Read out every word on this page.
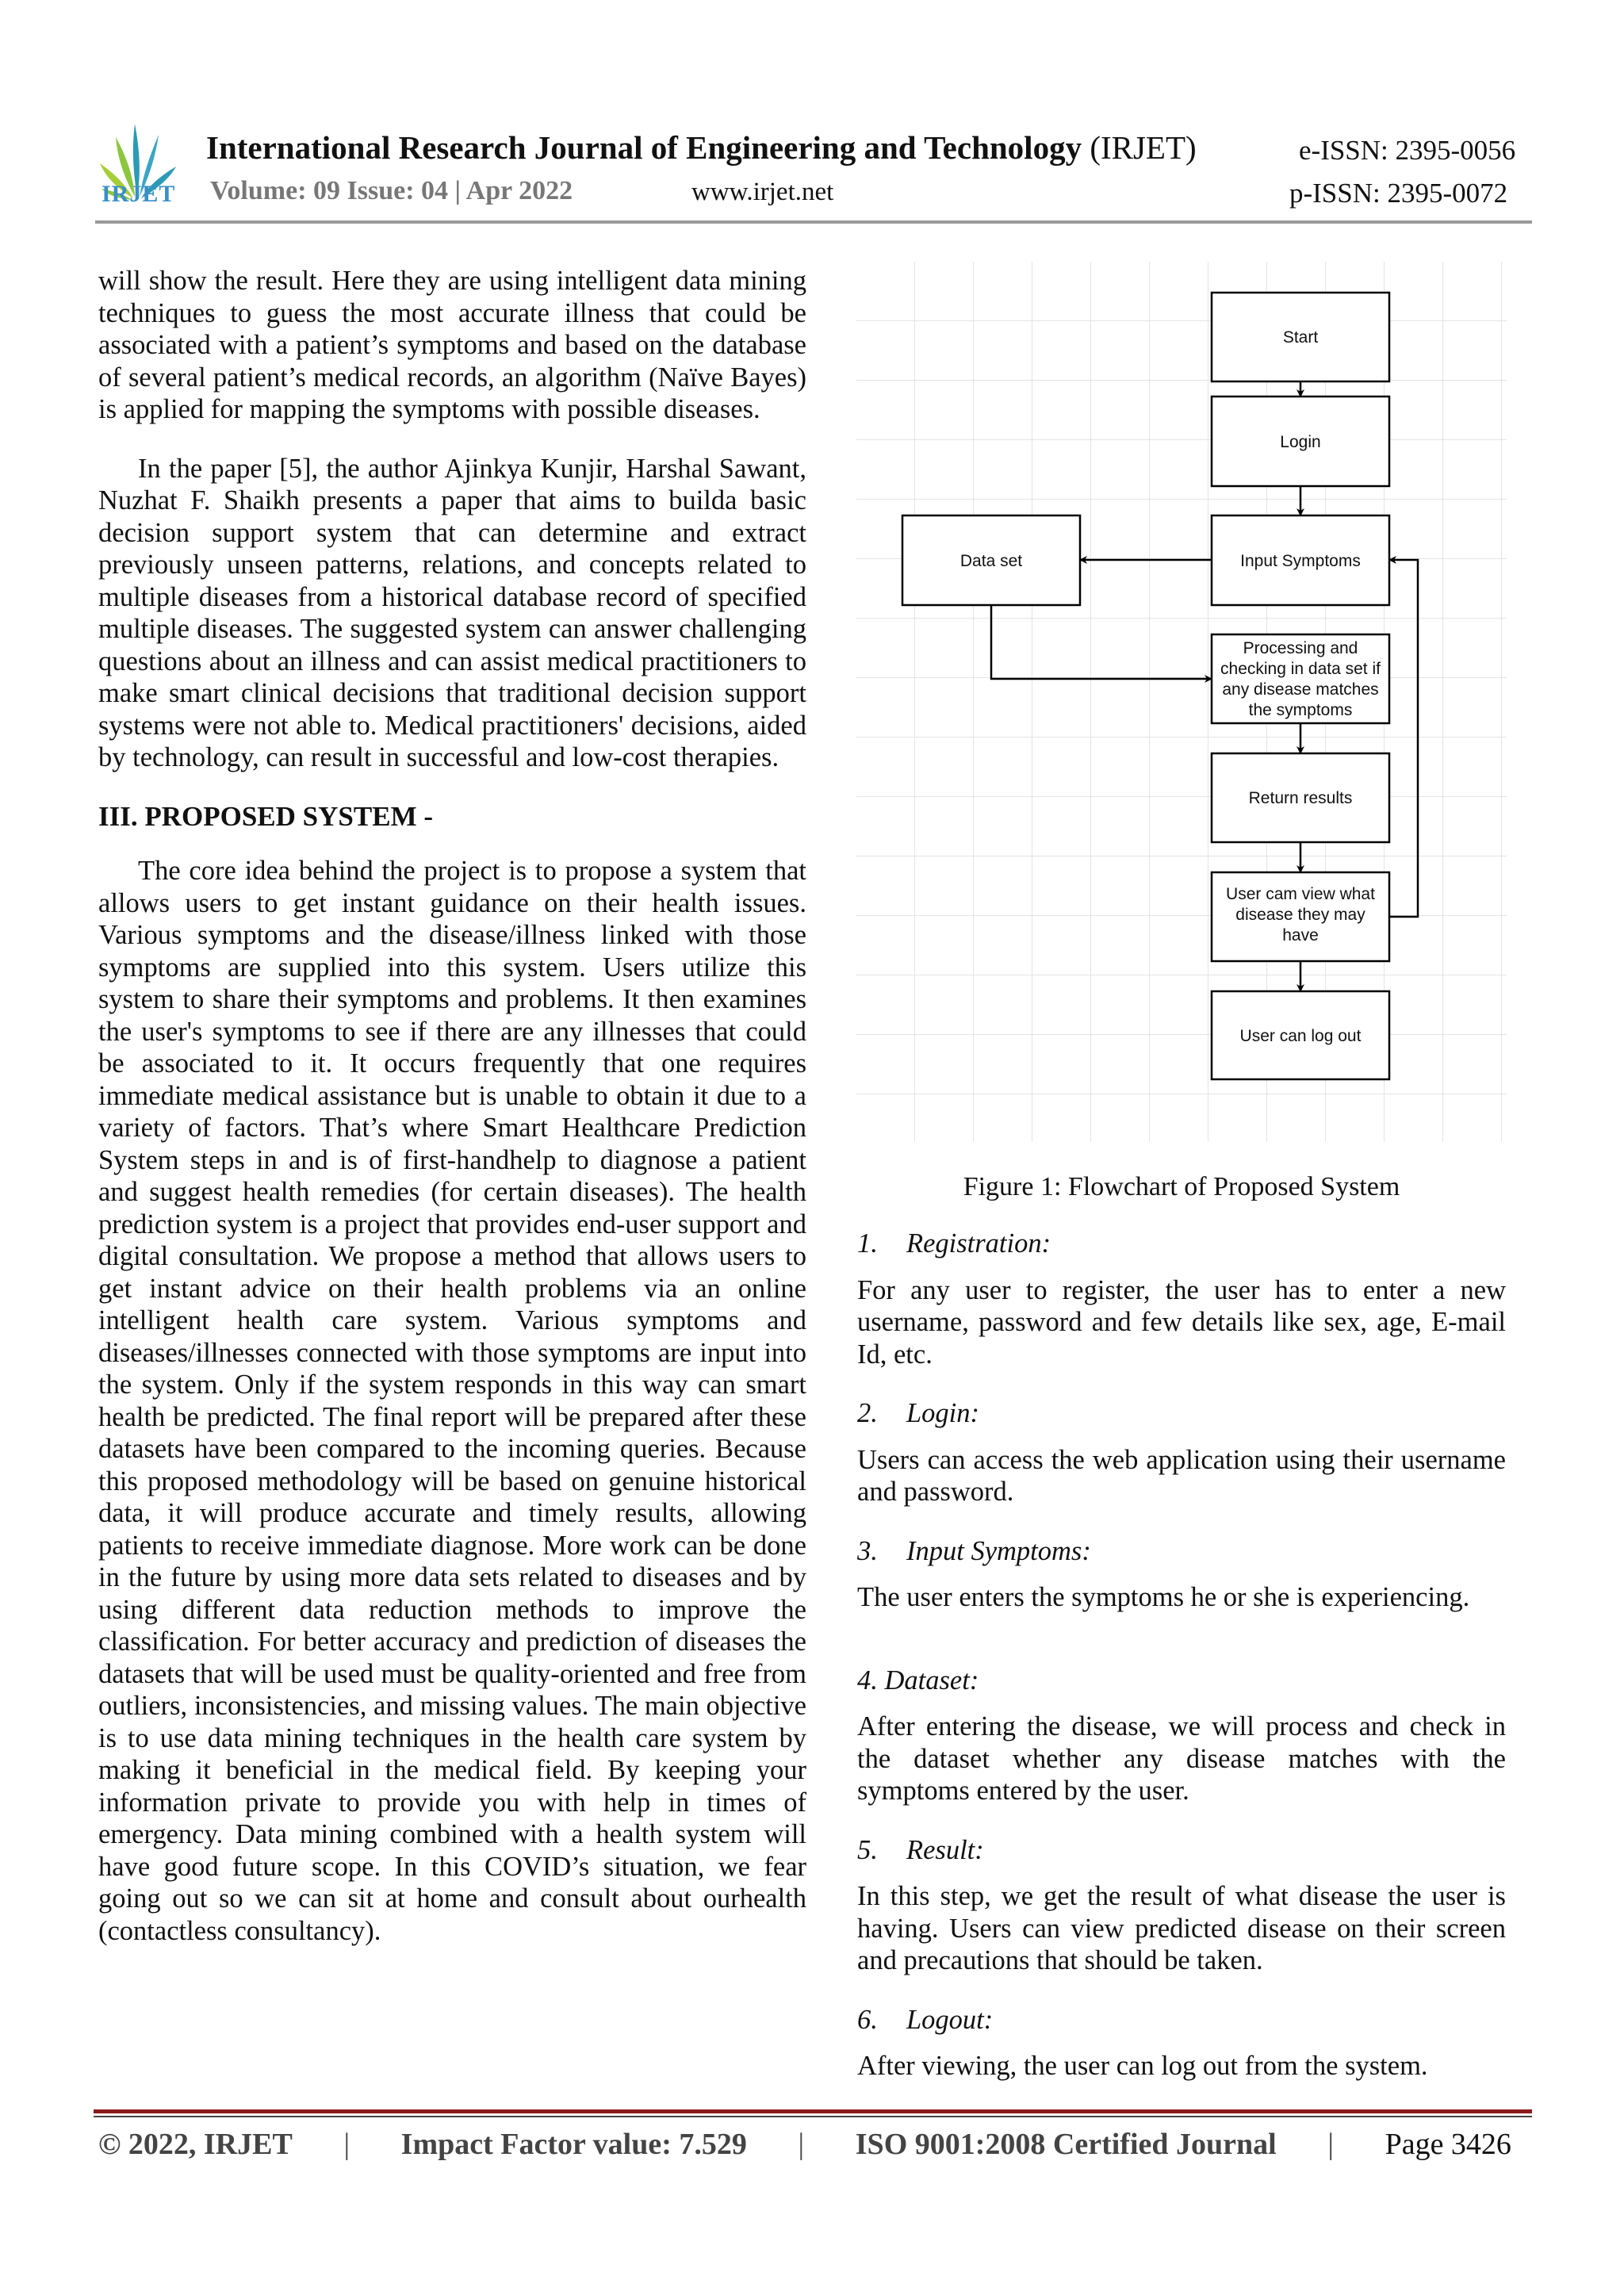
IRJET
International Research Journal of Engineering and Technology (IRJET)	e-ISSN: 2395-0056
Volume: 09 Issue: 04 | Apr 2022	www.irjet.net	p-ISSN: 2395-0072

will show the result. Here they are using intelligent data mining techniques to guess the most accurate illness that could be associated with a patient’s symptoms and based on the database of several patient’s medical records, an algorithm (Naïve Bayes) is applied for mapping the symptoms with possible diseases.

In the paper [5], the author Ajinkya Kunjir, Harshal Sawant, Nuzhat F. Shaikh presents a paper that aims to builda basic decision support system that can determine and extract previously unseen patterns, relations, and concepts related to multiple diseases from a historical database record of specified multiple diseases. The suggested system can answer challenging questions about an illness and can assist medical practitioners to make smart clinical decisions that traditional decision support systems were not able to. Medical practitioners' decisions, aided by technology, can result in successful and low-cost therapies.

III. PROPOSED SYSTEM -

The core idea behind the project is to propose a system that allows users to get instant guidance on their health issues. Various symptoms and the disease/illness linked with those symptoms are supplied into this system. Users utilize this system to share their symptoms and problems. It then examines the user's symptoms to see if there are any illnesses that could be associated to it. It occurs frequently that one requires immediate medical assistance but is unable to obtain it due to a variety of factors. That’s where Smart Healthcare Prediction System steps in and is of first-handhelp to diagnose a patient and suggest health remedies (for certain diseases). The health prediction system is a project that provides end-user support and digital consultation. We propose a method that allows users to get instant advice on their health problems via an online intelligent health care system. Various symptoms and diseases/illnesses connected with those symptoms are input into the system. Only if the system responds in this way can smart health be predicted. The final report will be prepared after these datasets have been compared to the incoming queries. Because this proposed methodology will be based on genuine historical data, it will produce accurate and timely results, allowing patients to receive immediate diagnose. More work can be done in the future by using more data sets related to diseases and by using different data reduction methods to improve the classification. For better accuracy and prediction of diseases the datasets that will be used must be quality-oriented and free from outliers, inconsistencies, and missing values. The main objective is to use data mining techniques in the health care system by making it beneficial in the medical field. By keeping your information private to provide you with help in times of emergency. Data mining combined with a health system will have good future scope. In this COVID’s situation, we fear going out so we can sit at home and consult about ourhealth (contactless consultancy).

Start
Login
Input Symptoms
Data set
Processing and
checking in data set if
any disease matches
the symptoms
Return results
User cam view what
disease they may
have
User can log out
Figure 1: Flowchart of Proposed System

1. Registration:

For any user to register, the user has to enter a new username, password and few details like sex, age, E-mail Id, etc.

2. Login:

Users can access the web application using their username and password.

3. Input Symptoms:

The user enters the symptoms he or she is experiencing.

4. Dataset:

After entering the disease, we will process and check in the dataset whether any disease matches with the symptoms entered by the user.

5. Result:

In this step, we get the result of what disease the user is having. Users can view predicted disease on their screen and precautions that should be taken.

6. Logout:

After viewing, the user can log out from the system.

© 2022, IRJET | Impact Factor value: 7.529 | ISO 9001:2008 Certified Journal | Page 3426
